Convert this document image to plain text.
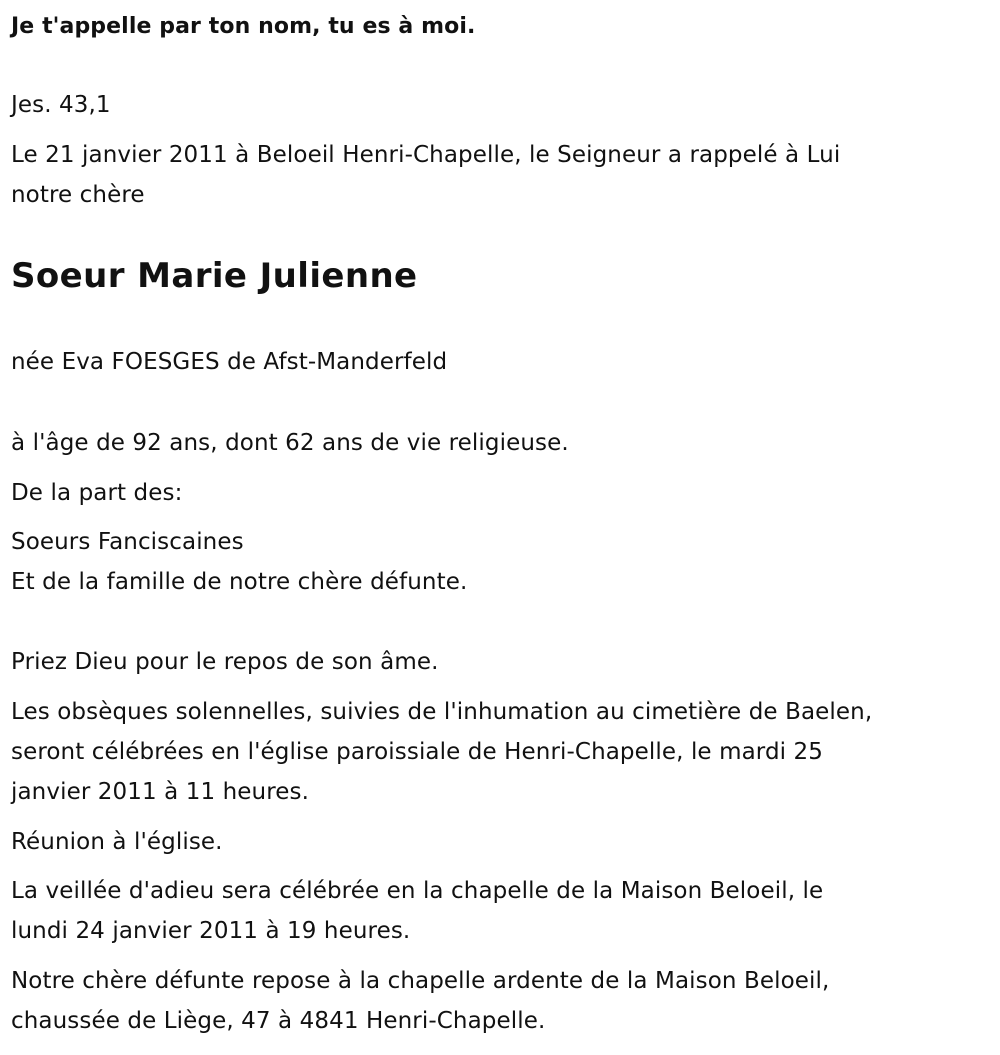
Je t'appelle par ton nom, tu es à moi.
Jes. 43,1
Le 21 janvier 2011 à Beloeil Henri-Chapelle, le Seigneur a rappelé à Lui
notre chère
Soeur Marie Julienne
née Eva FOESGES de Afst-Manderfeld
à l'âge de 92 ans, dont 62 ans de vie religieuse.
De la part des:
Soeurs Fanciscaines
Et de la famille de notre chère défunte.
Priez Dieu pour le repos de son âme.
Les obsèques solennelles, suivies de l'inhumation au cimetière de Baelen,
seront célébrées en l'église paroissiale de Henri-Chapelle, le mardi 25
janvier 2011 à 11 heures.
Réunion à l'église.
La veillée d'adieu sera célébrée en la chapelle de la Maison Beloeil, le
lundi 24 janvier 2011 à 19 heures.
Notre chère défunte repose à la chapelle ardente de la Maison Beloeil,
chaussée de Liège, 47 à 4841 Henri-Chapelle.
